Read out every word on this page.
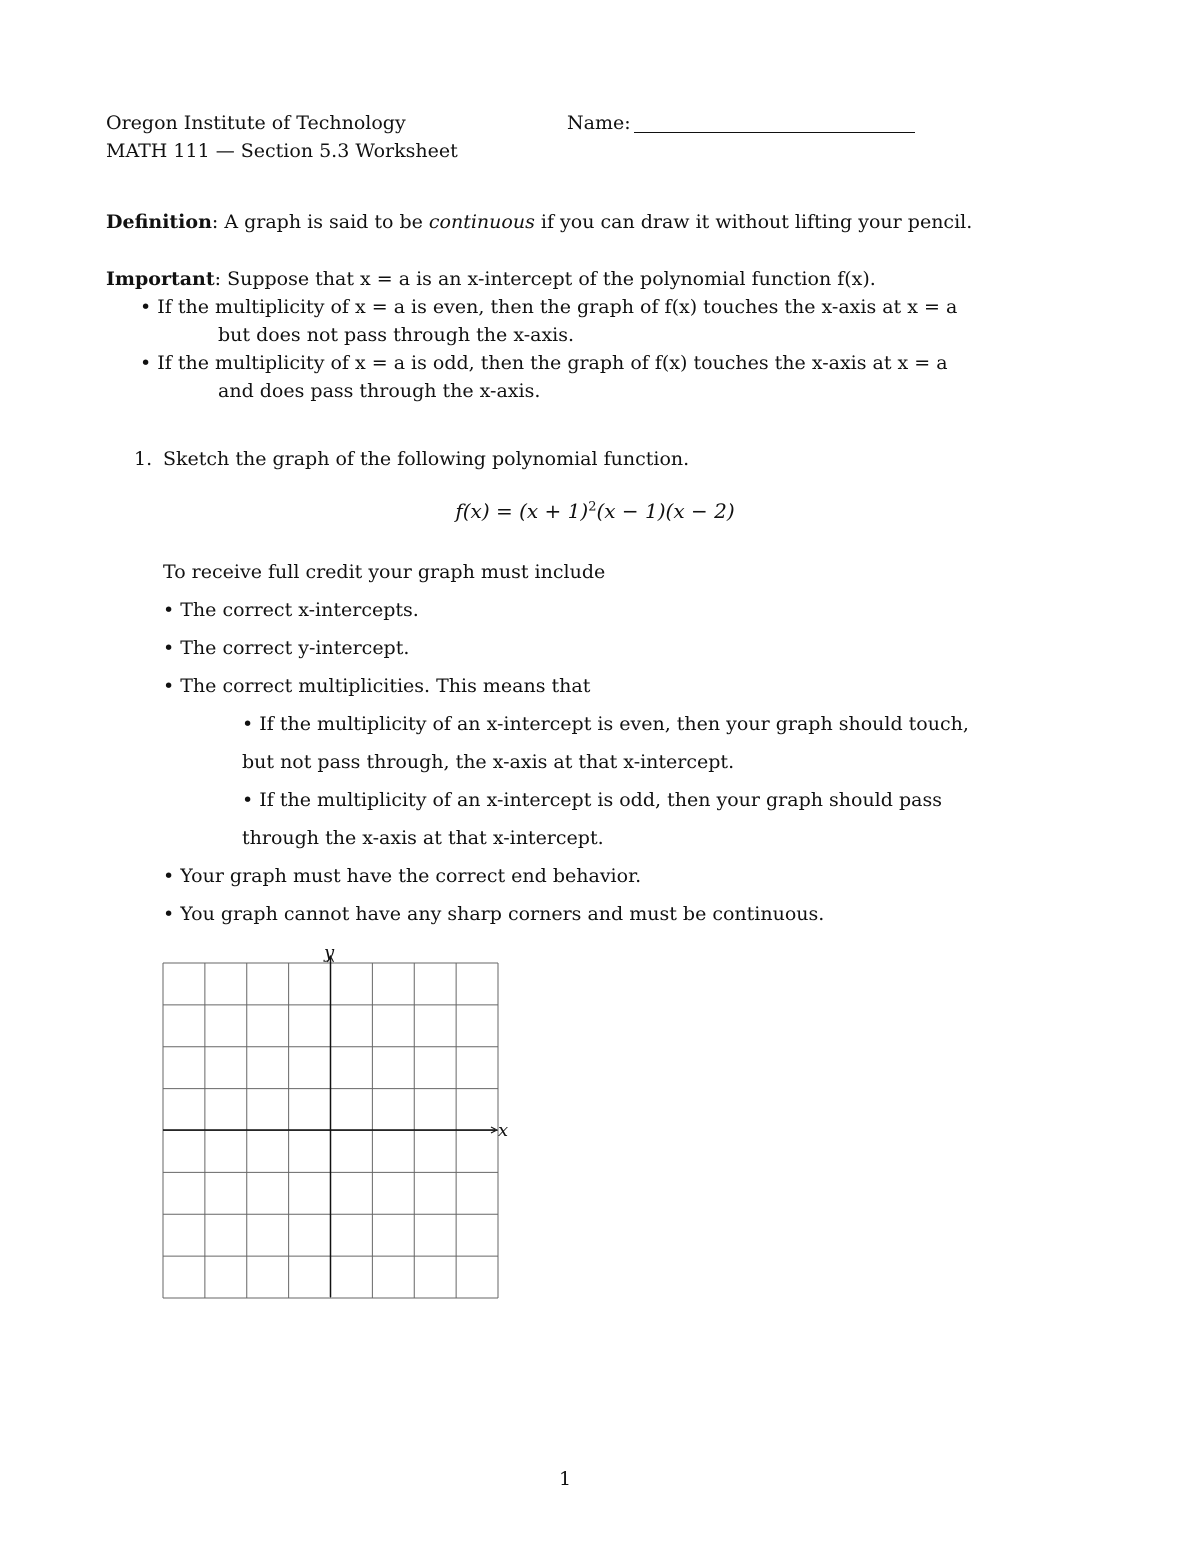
Oregon Institute of Technology
MATH 111 — Section 5.3 Worksheet
Name:
Definition: A graph is said to be continuous if you can draw it without lifting your pencil.
Important: Suppose that x = a is an x-intercept of the polynomial function f(x).
• If the multiplicity of x = a is even, then the graph of f(x) touches the x-axis at x = a
but does not pass through the x-axis.
• If the multiplicity of x = a is odd, then the graph of f(x) touches the x-axis at x = a
and does pass through the x-axis.
1. Sketch the graph of the following polynomial function.
$f(x) = (x + 1)^2(x - 1)(x - 2)$
To receive full credit your graph must include
• The correct x-intercepts.
• The correct y-intercept.
• The correct multiplicities. This means that
• If the multiplicity of an x-intercept is even, then your graph should touch,
but not pass through, the x-axis at that x-intercept.
• If the multiplicity of an x-intercept is odd, then your graph should pass
through the x-axis at that x-intercept.
• Your graph must have the correct end behavior.
• You graph cannot have any sharp corners and must be continuous.
x
y
1
